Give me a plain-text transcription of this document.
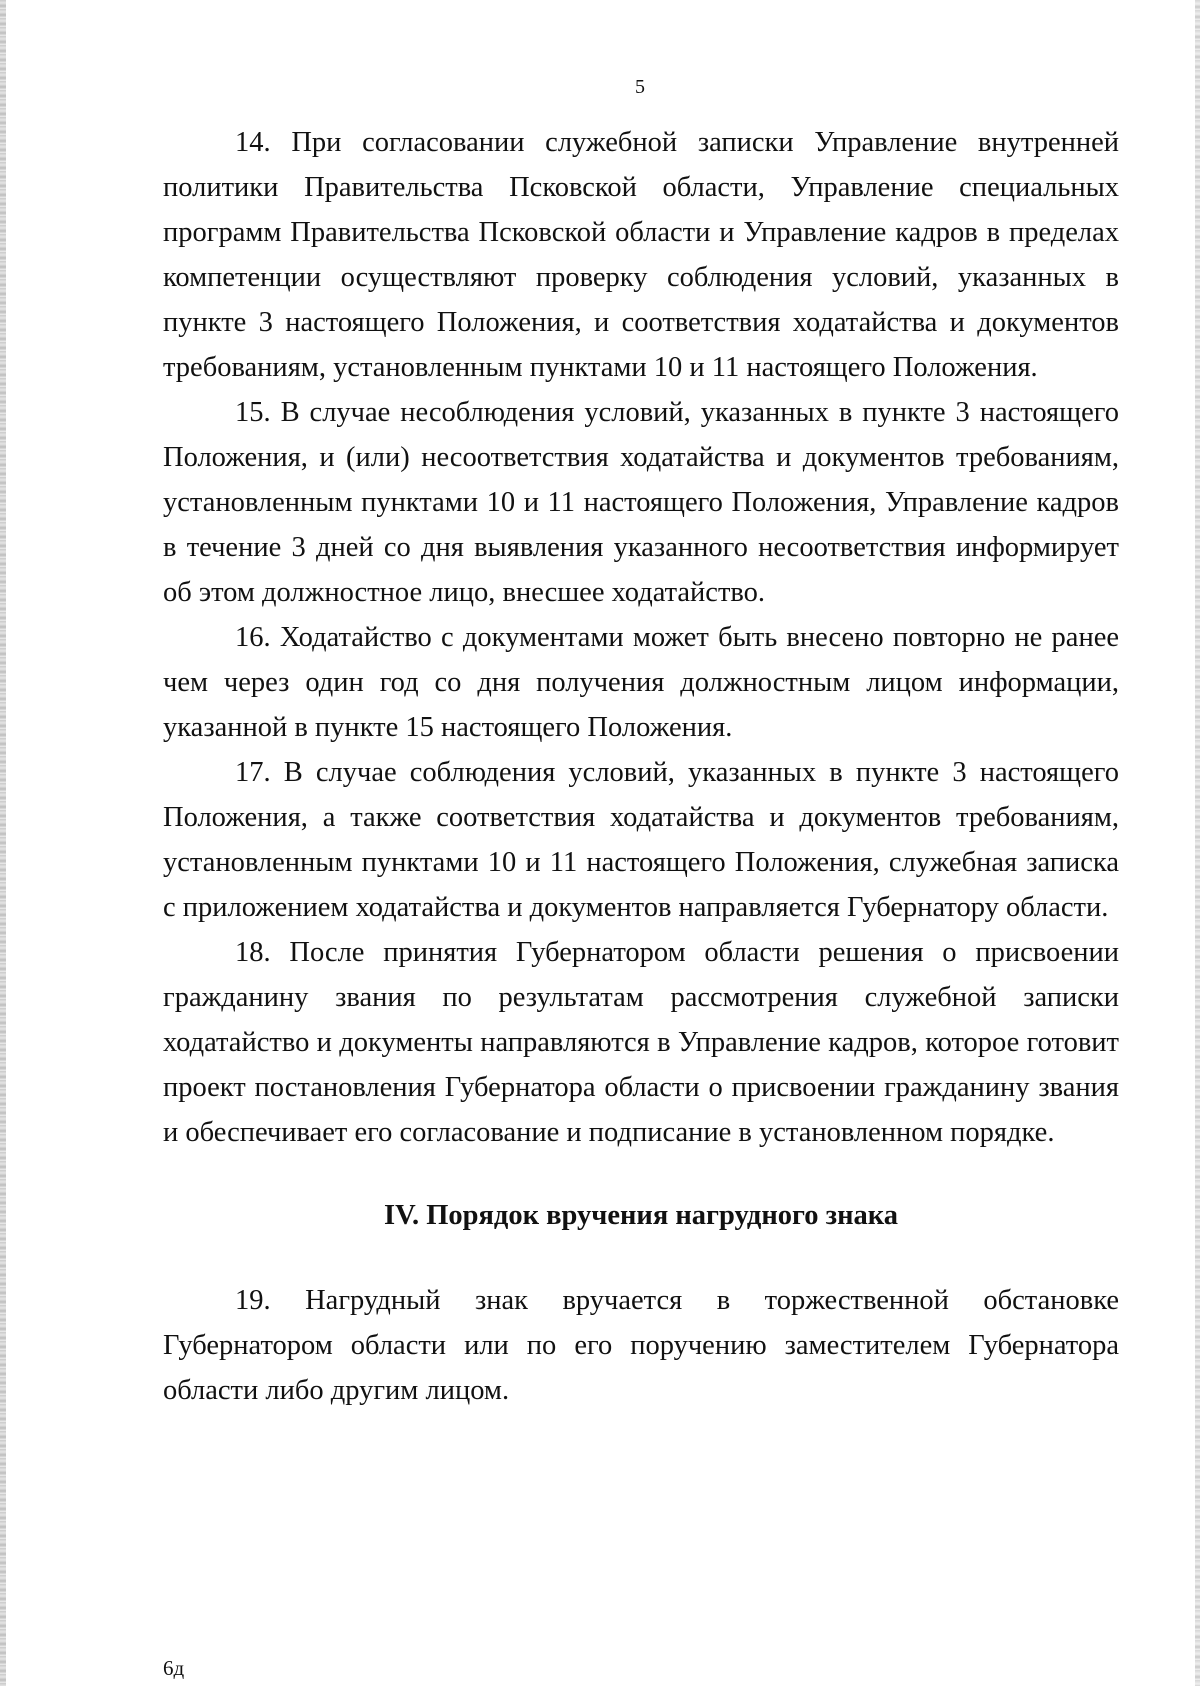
5

14. При согласовании служебной записки Управление внутренней политики Правительства Псковской области, Управление специальных программ Правительства Псковской области и Управление кадров в пределах компетенции осуществляют проверку соблюдения условий, указанных в пункте 3 настоящего Положения, и соответствия ходатайства и документов требованиям, установленным пунктами 10 и 11 настоящего Положения.

15. В случае несоблюдения условий, указанных в пункте 3 настоящего Положения, и (или) несоответствия ходатайства и документов требованиям, установленным пунктами 10 и 11 настоящего Положения, Управление кадров в течение 3 дней со дня выявления указанного несоответствия информирует об этом должностное лицо, внесшее ходатайство.

16. Ходатайство с документами может быть внесено повторно не ранее чем через один год со дня получения должностным лицом информации, указанной в пункте 15 настоящего Положения.

17. В случае соблюдения условий, указанных в пункте 3 настоящего Положения, а также соответствия ходатайства и документов требованиям, установленным пунктами 10 и 11 настоящего Положения, служебная записка с приложением ходатайства и документов направляется Губернатору области.

18. После принятия Губернатором области решения о присвоении гражданину звания по результатам рассмотрения служебной записки ходатайство и документы направляются в Управление кадров, которое готовит проект постановления Губернатора области о присвоении гражданину звания и обеспечивает его согласование и подписание в установленном порядке.

IV. Порядок вручения нагрудного знака

19. Нагрудный знак вручается в торжественной обстановке Губернатором области или по его поручению заместителем Губернатора области либо другим лицом.

6д
